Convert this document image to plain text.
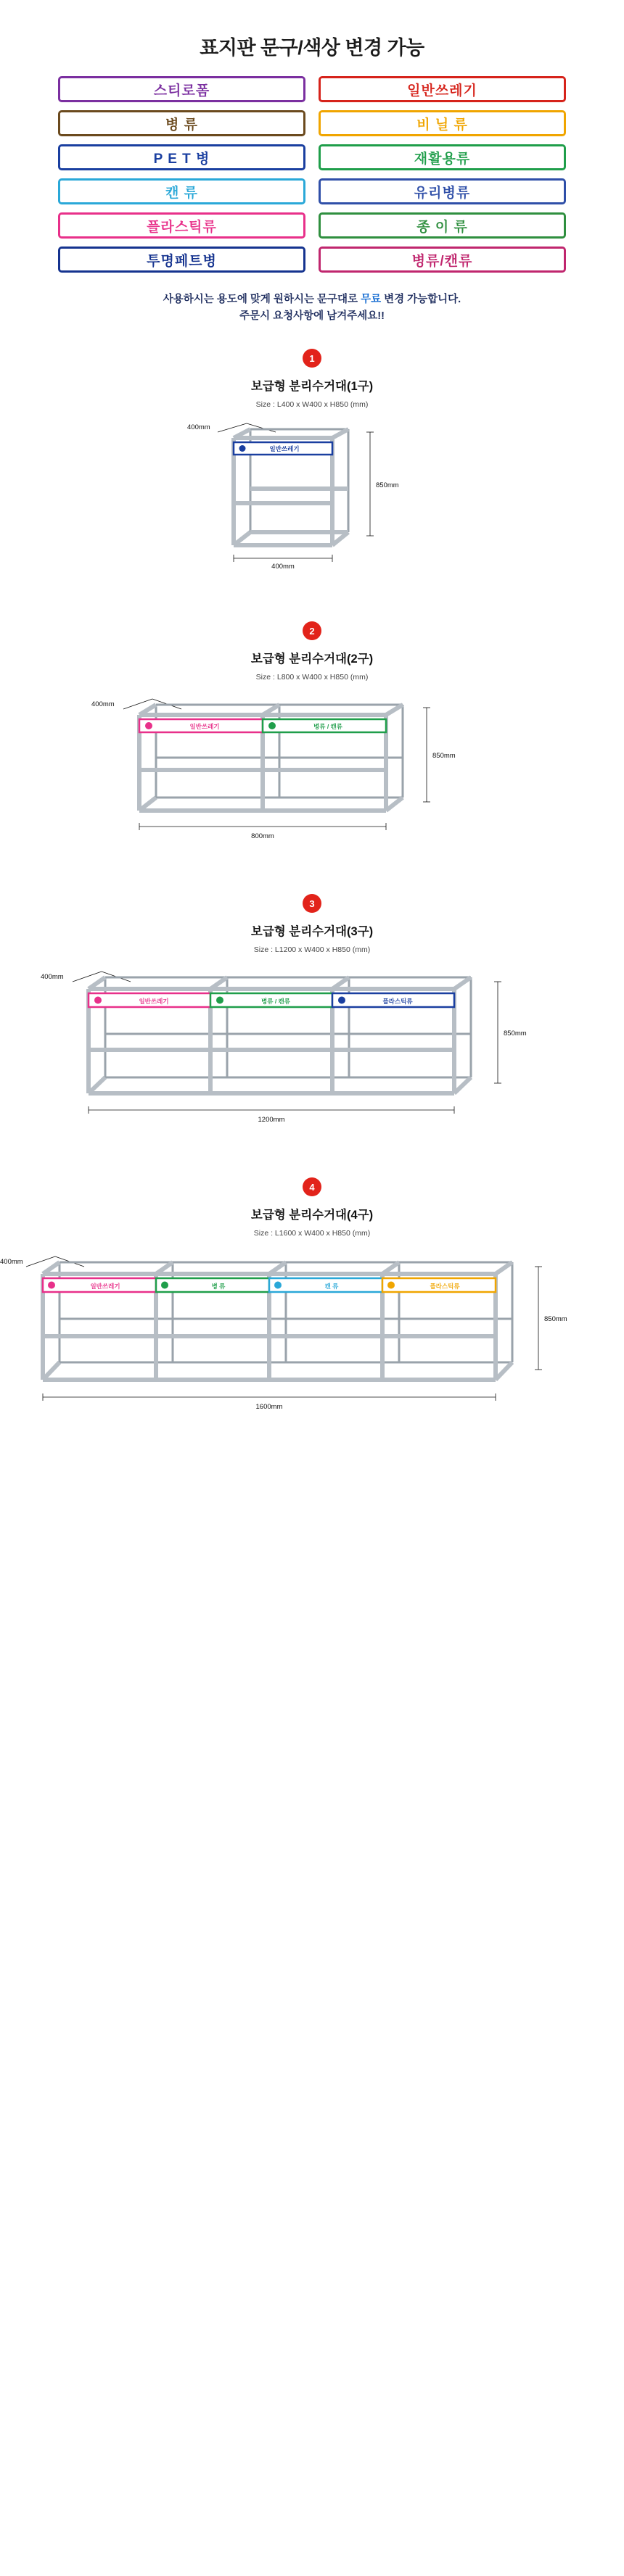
표지판 문구/색상 변경 가능
스티로폼	일반쓰레기
병 류	비 닐 류
P E T 병	재활용류
캔 류	유리병류
플라스틱류	종 이 류
투명페트병	병류/캔류
사용하시는 용도에 맞게 원하시는 문구대로 무료 변경 가능합니다.
주문시 요청사항에 남겨주세요!!
1
보급형 분리수거대(1구)
Size : L400 x W400 x H850 (mm)
400mm
일반쓰레기
850mm
400mm
2
보급형 분리수거대(2구)
Size : L800 x W400 x H850 (mm)
400mm
일반쓰레기	병류 / 캔류
850mm
800mm
3
보급형 분리수거대(3구)
Size : L1200 x W400 x H850 (mm)
400mm
일반쓰레기	병류 / 캔류	플라스틱류
850mm
1200mm
4
보급형 분리수거대(4구)
Size : L1600 x W400 x H850 (mm)
400mm
일반쓰레기	병 류	캔 류	플라스틱류
850mm
1600mm
